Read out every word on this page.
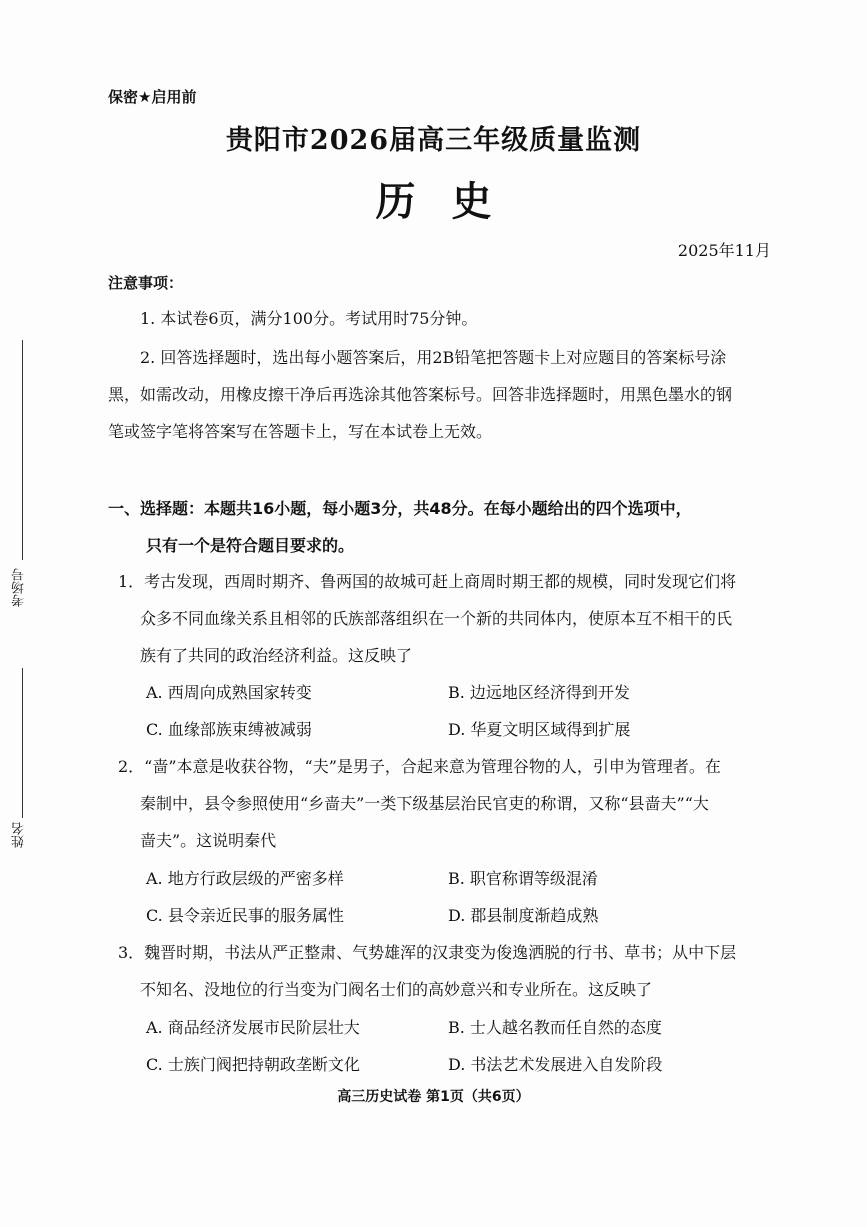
考场号
姓名
保密★启用前
贵阳市2026届高三年级质量监测
历史
2025年11月
注意事项：
1. 本试卷6页，满分100分。考试用时75分钟。
2. 回答选择题时，选出每小题答案后，用2B铅笔把答题卡上对应题目的答案标号涂
黑，如需改动，用橡皮擦干净后再选涂其他答案标号。回答非选择题时，用黑色墨水的钢
笔或签字笔将答案写在答题卡上，写在本试卷上无效。
一、选择题：本题共16小题，每小题3分，共48分。在每小题给出的四个选项中，
只有一个是符合题目要求的。
1．考古发现，西周时期齐、鲁两国的故城可赶上商周时期王都的规模，同时发现它们将
众多不同血缘关系且相邻的氏族部落组织在一个新的共同体内，使原本互不相干的氏
族有了共同的政治经济利益。这反映了
A. 西周向成熟国家转变	B. 边远地区经济得到开发
C. 血缘部族束缚被减弱	D. 华夏文明区域得到扩展
2．“啬”本意是收获谷物，“夫”是男子，合起来意为管理谷物的人，引申为管理者。在
秦制中，县令参照使用“乡啬夫”一类下级基层治民官吏的称谓，又称“县啬夫”“大
啬夫”。这说明秦代
A. 地方行政层级的严密多样	B. 职官称谓等级混淆
C. 县令亲近民事的服务属性	D. 郡县制度渐趋成熟
3．魏晋时期，书法从严正整肃、气势雄浑的汉隶变为俊逸洒脱的行书、草书；从中下层
不知名、没地位的行当变为门阀名士们的高妙意兴和专业所在。这反映了
A. 商品经济发展市民阶层壮大	B. 士人越名教而任自然的态度
C. 士族门阀把持朝政垄断文化	D. 书法艺术发展进入自发阶段
高三历史试卷 第1页（共6页）
